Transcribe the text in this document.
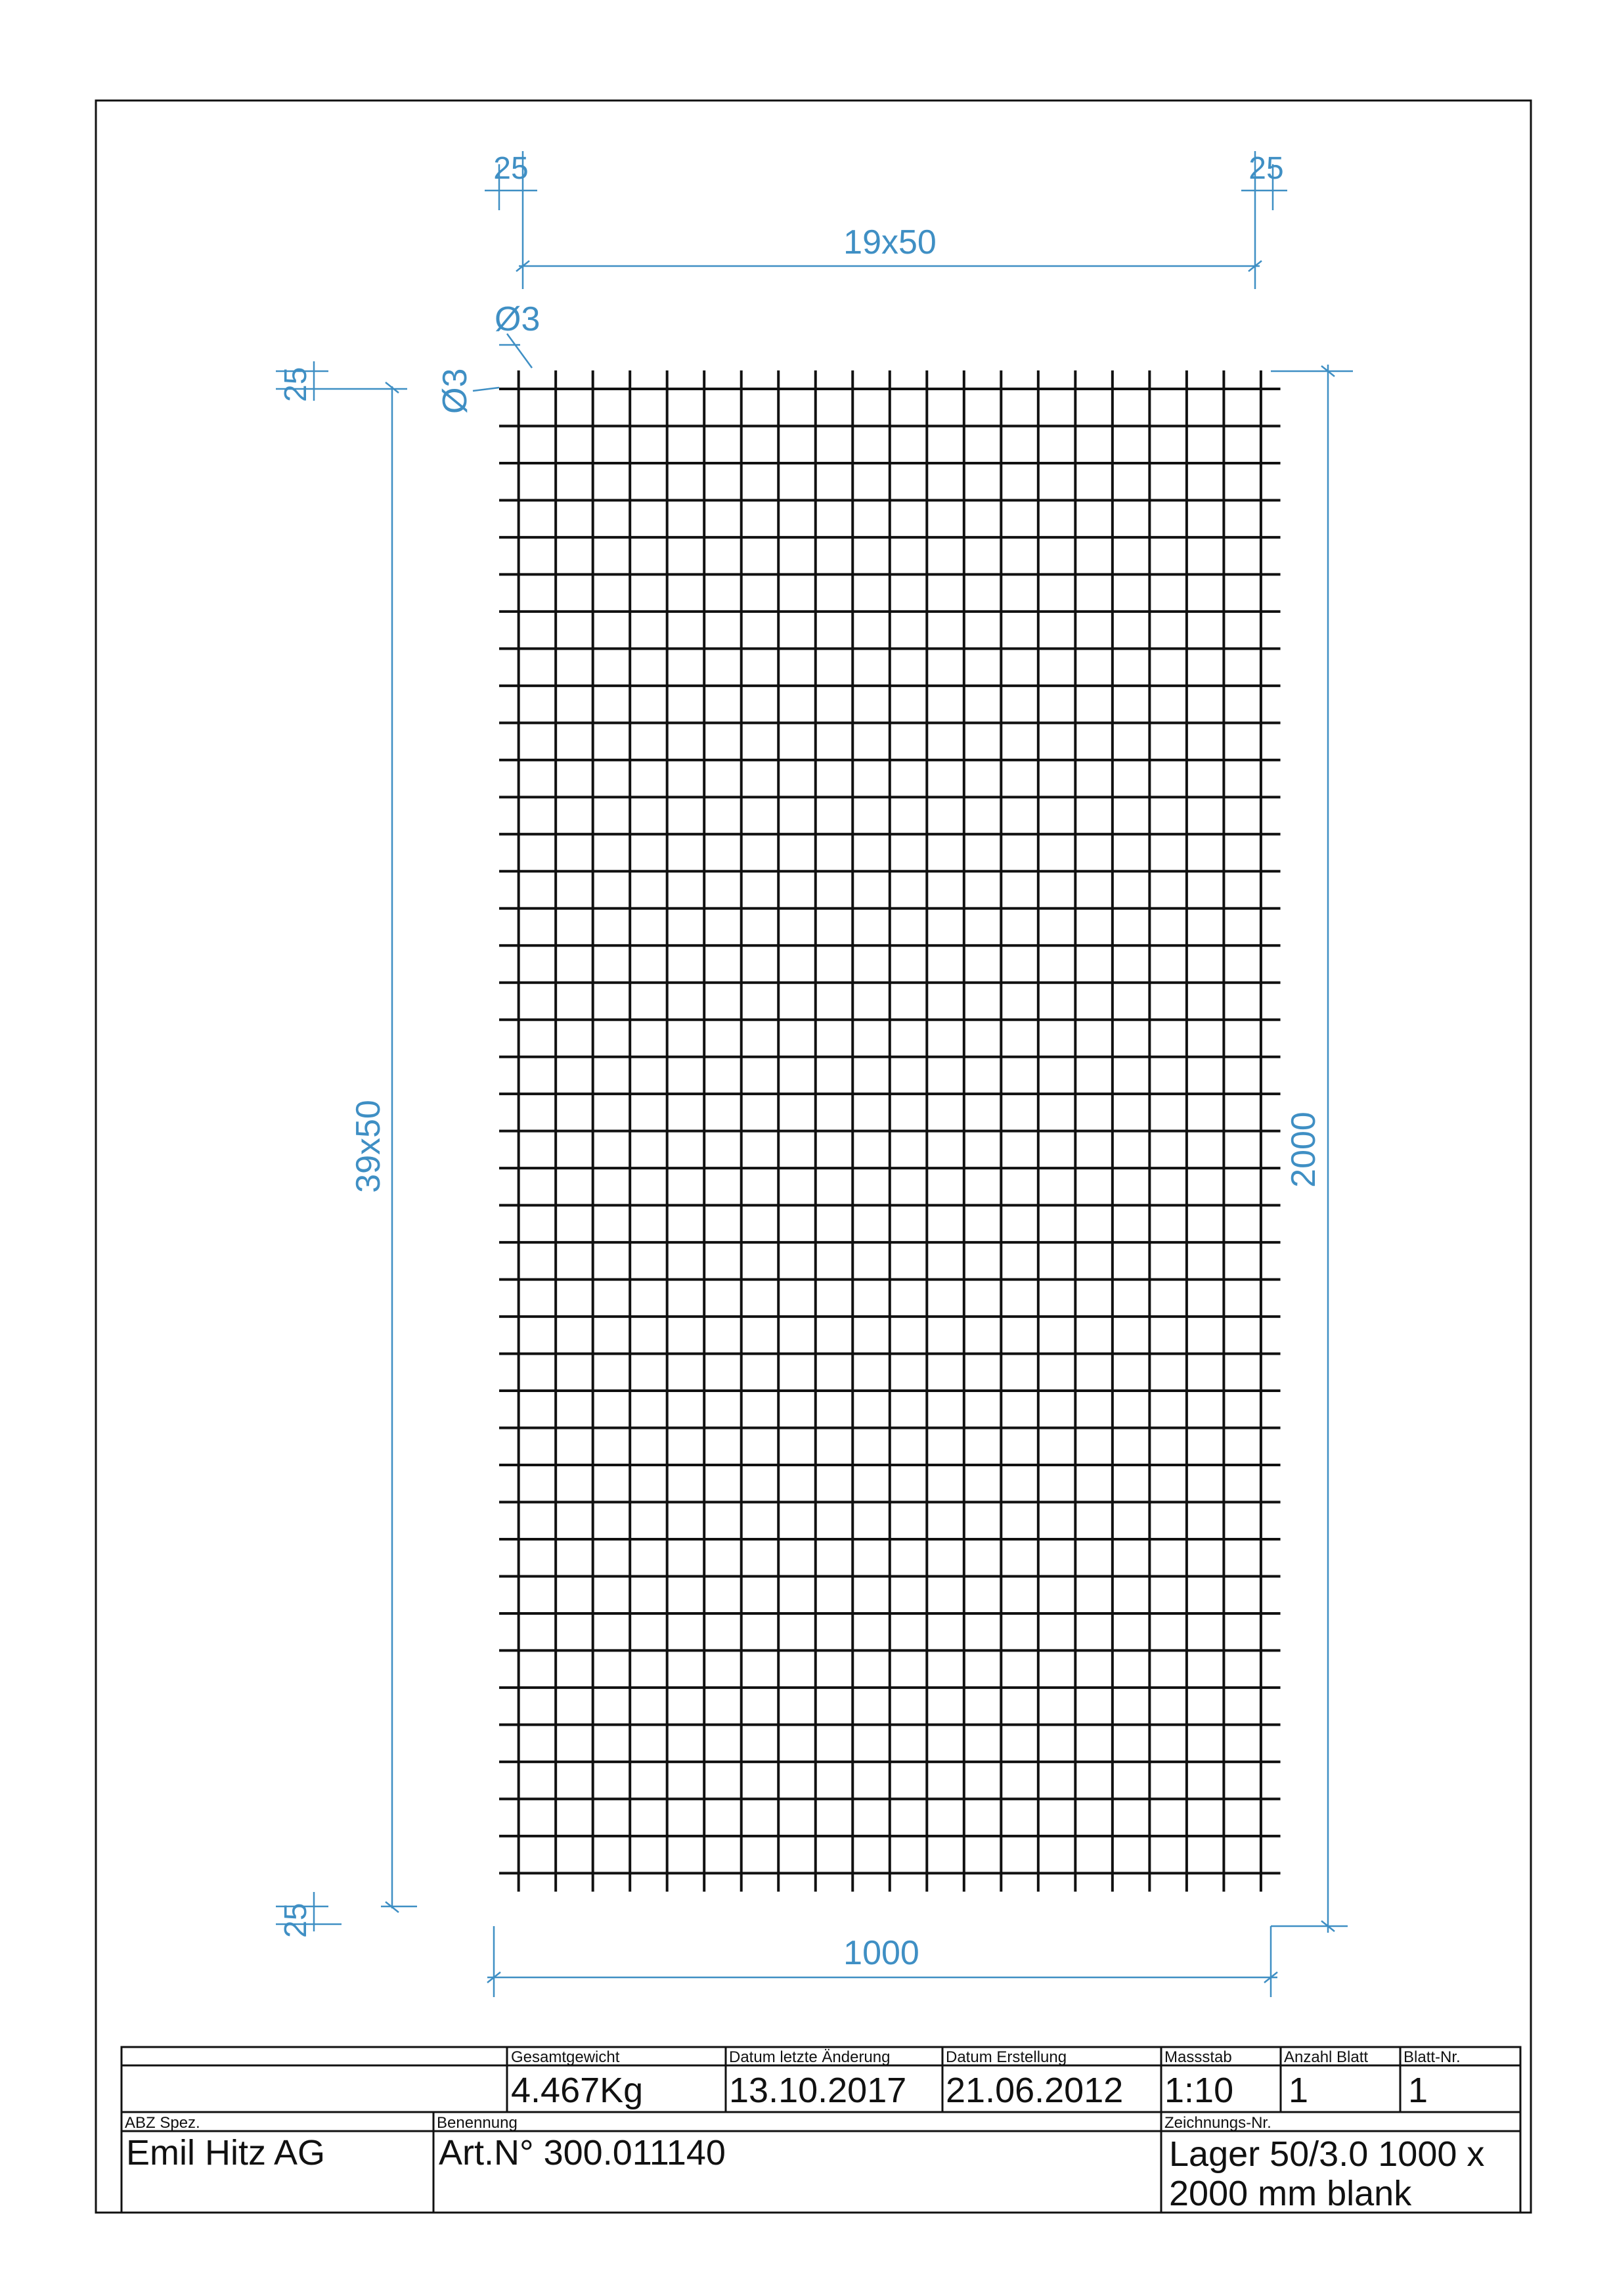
25	25
19x50
Ø3
Ø3
25
39x50
25
2000
1000
Gesamtgewicht
4.467Kg
Datum letzte Änderung
13.10.2017
Datum Erstellung
21.06.2012
Massstab
1:10
Anzahl Blatt
1
Blatt-Nr.
1
ABZ Spez.
Emil Hitz AG
Benennung
Art.N° 300.011140
Zeichnungs-Nr.
Lager 50/3.0 1000 x
2000 mm blank
